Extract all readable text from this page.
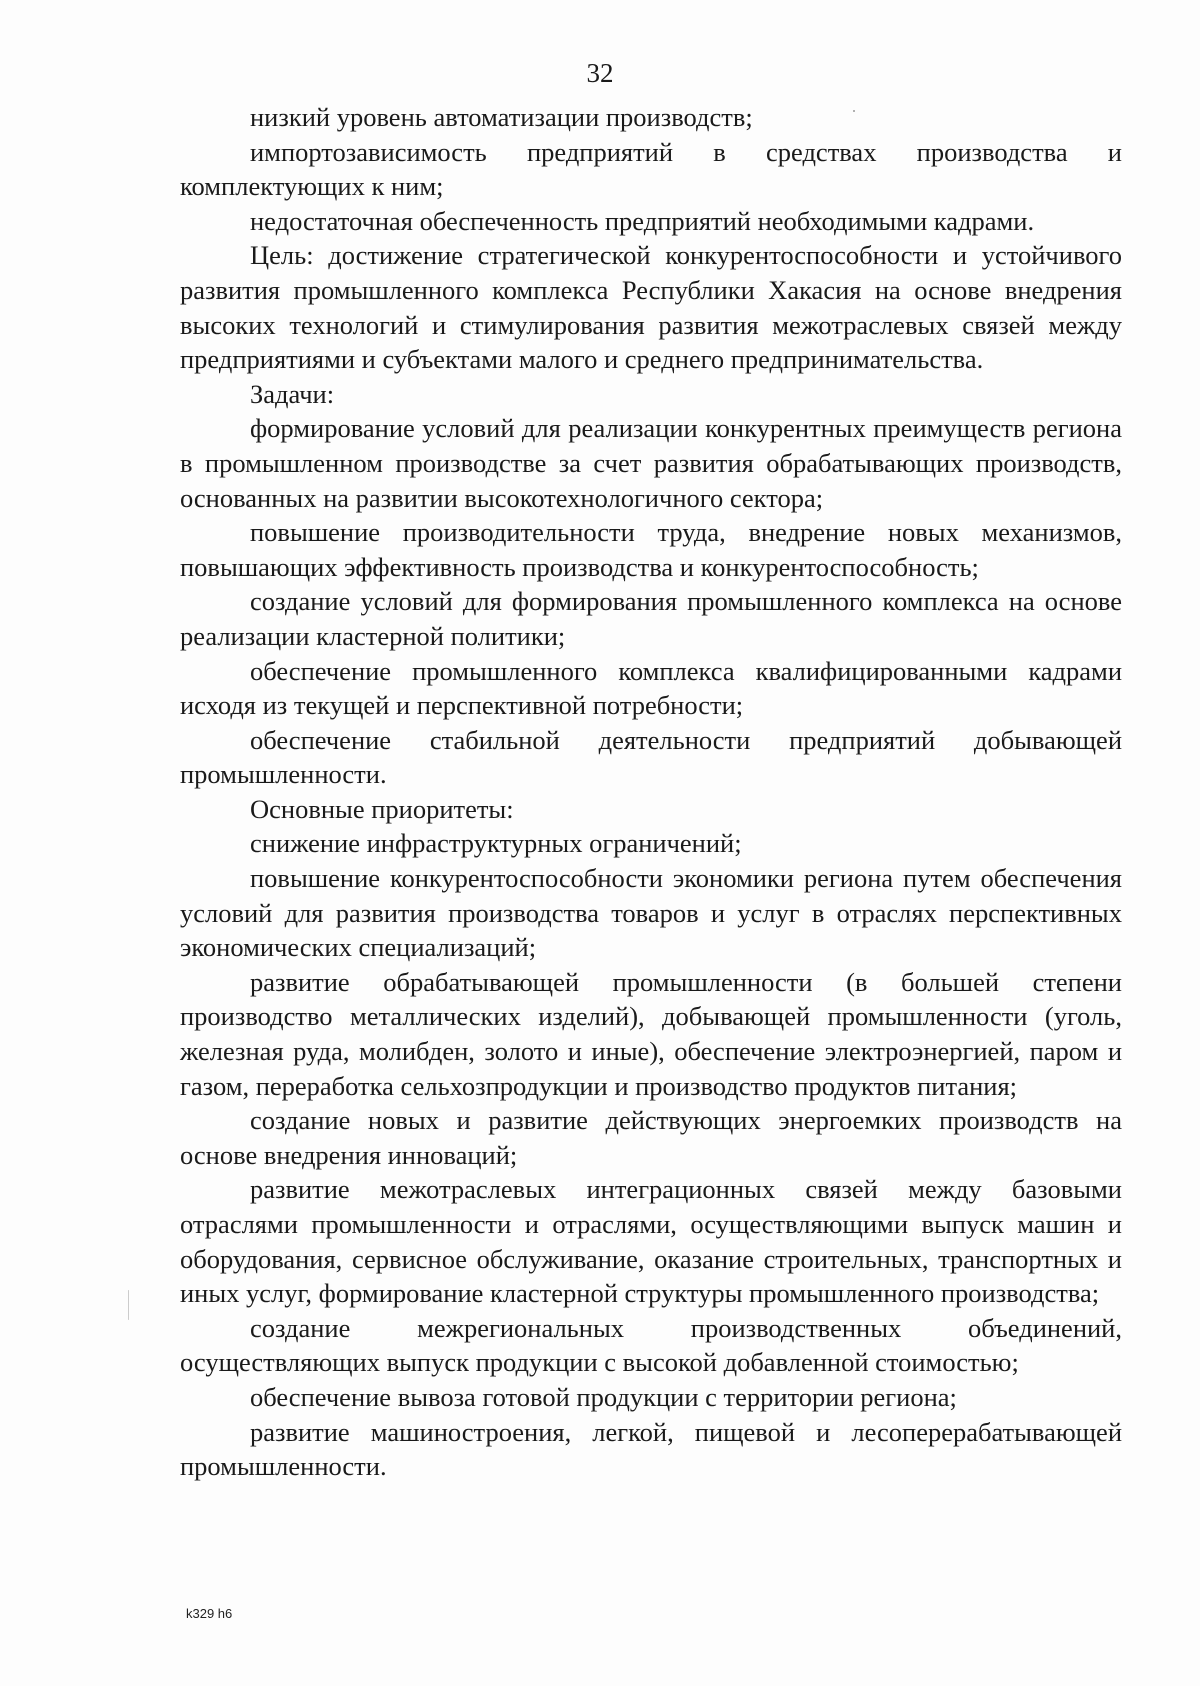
32

низкий уровень автоматизации производств;

импортозависимость предприятий в средствах производства и комплектующих к ним;

недостаточная обеспеченность предприятий необходимыми кадрами.

Цель: достижение стратегической конкурентоспособности и устойчивого развития промышленного комплекса Республики Хакасия на основе внедрения высоких технологий и стимулирования развития межотраслевых связей между предприятиями и субъектами малого и среднего предпринимательства.

Задачи:

формирование условий для реализации конкурентных преимуществ региона в промышленном производстве за счет развития обрабатывающих производств, основанных на развитии высокотехнологичного сектора;

повышение производительности труда, внедрение новых механизмов, повышающих эффективность производства и конкурентоспособность;

создание условий для формирования промышленного комплекса на основе реализации кластерной политики;

обеспечение промышленного комплекса квалифицированными кадрами исходя из текущей и перспективной потребности;

обеспечение стабильной деятельности предприятий добывающей промышленности.

Основные приоритеты:

снижение инфраструктурных ограничений;

повышение конкурентоспособности экономики региона путем обеспечения условий для развития производства товаров и услуг в отраслях перспективных экономических специализаций;

развитие обрабатывающей промышленности (в большей степени производство металлических изделий), добывающей промышленности (уголь, железная руда, молибден, золото и иные), обеспечение электроэнергией, паром и газом, переработка сельхозпродукции и производство продуктов питания;

создание новых и развитие действующих энергоемких производств на основе внедрения инноваций;

развитие межотраслевых интеграционных связей между базовыми отраслями промышленности и отраслями, осуществляющими выпуск машин и оборудования, сервисное обслуживание, оказание строительных, транспортных и иных услуг, формирование кластерной структуры промышленного производства;

создание межрегиональных производственных объединений, осуществляющих выпуск продукции с высокой добавленной стоимостью;

обеспечение вывоза готовой продукции с территории региона;

развитие машиностроения, легкой, пищевой и лесоперерабатывающей промышленности.

k329 h6
